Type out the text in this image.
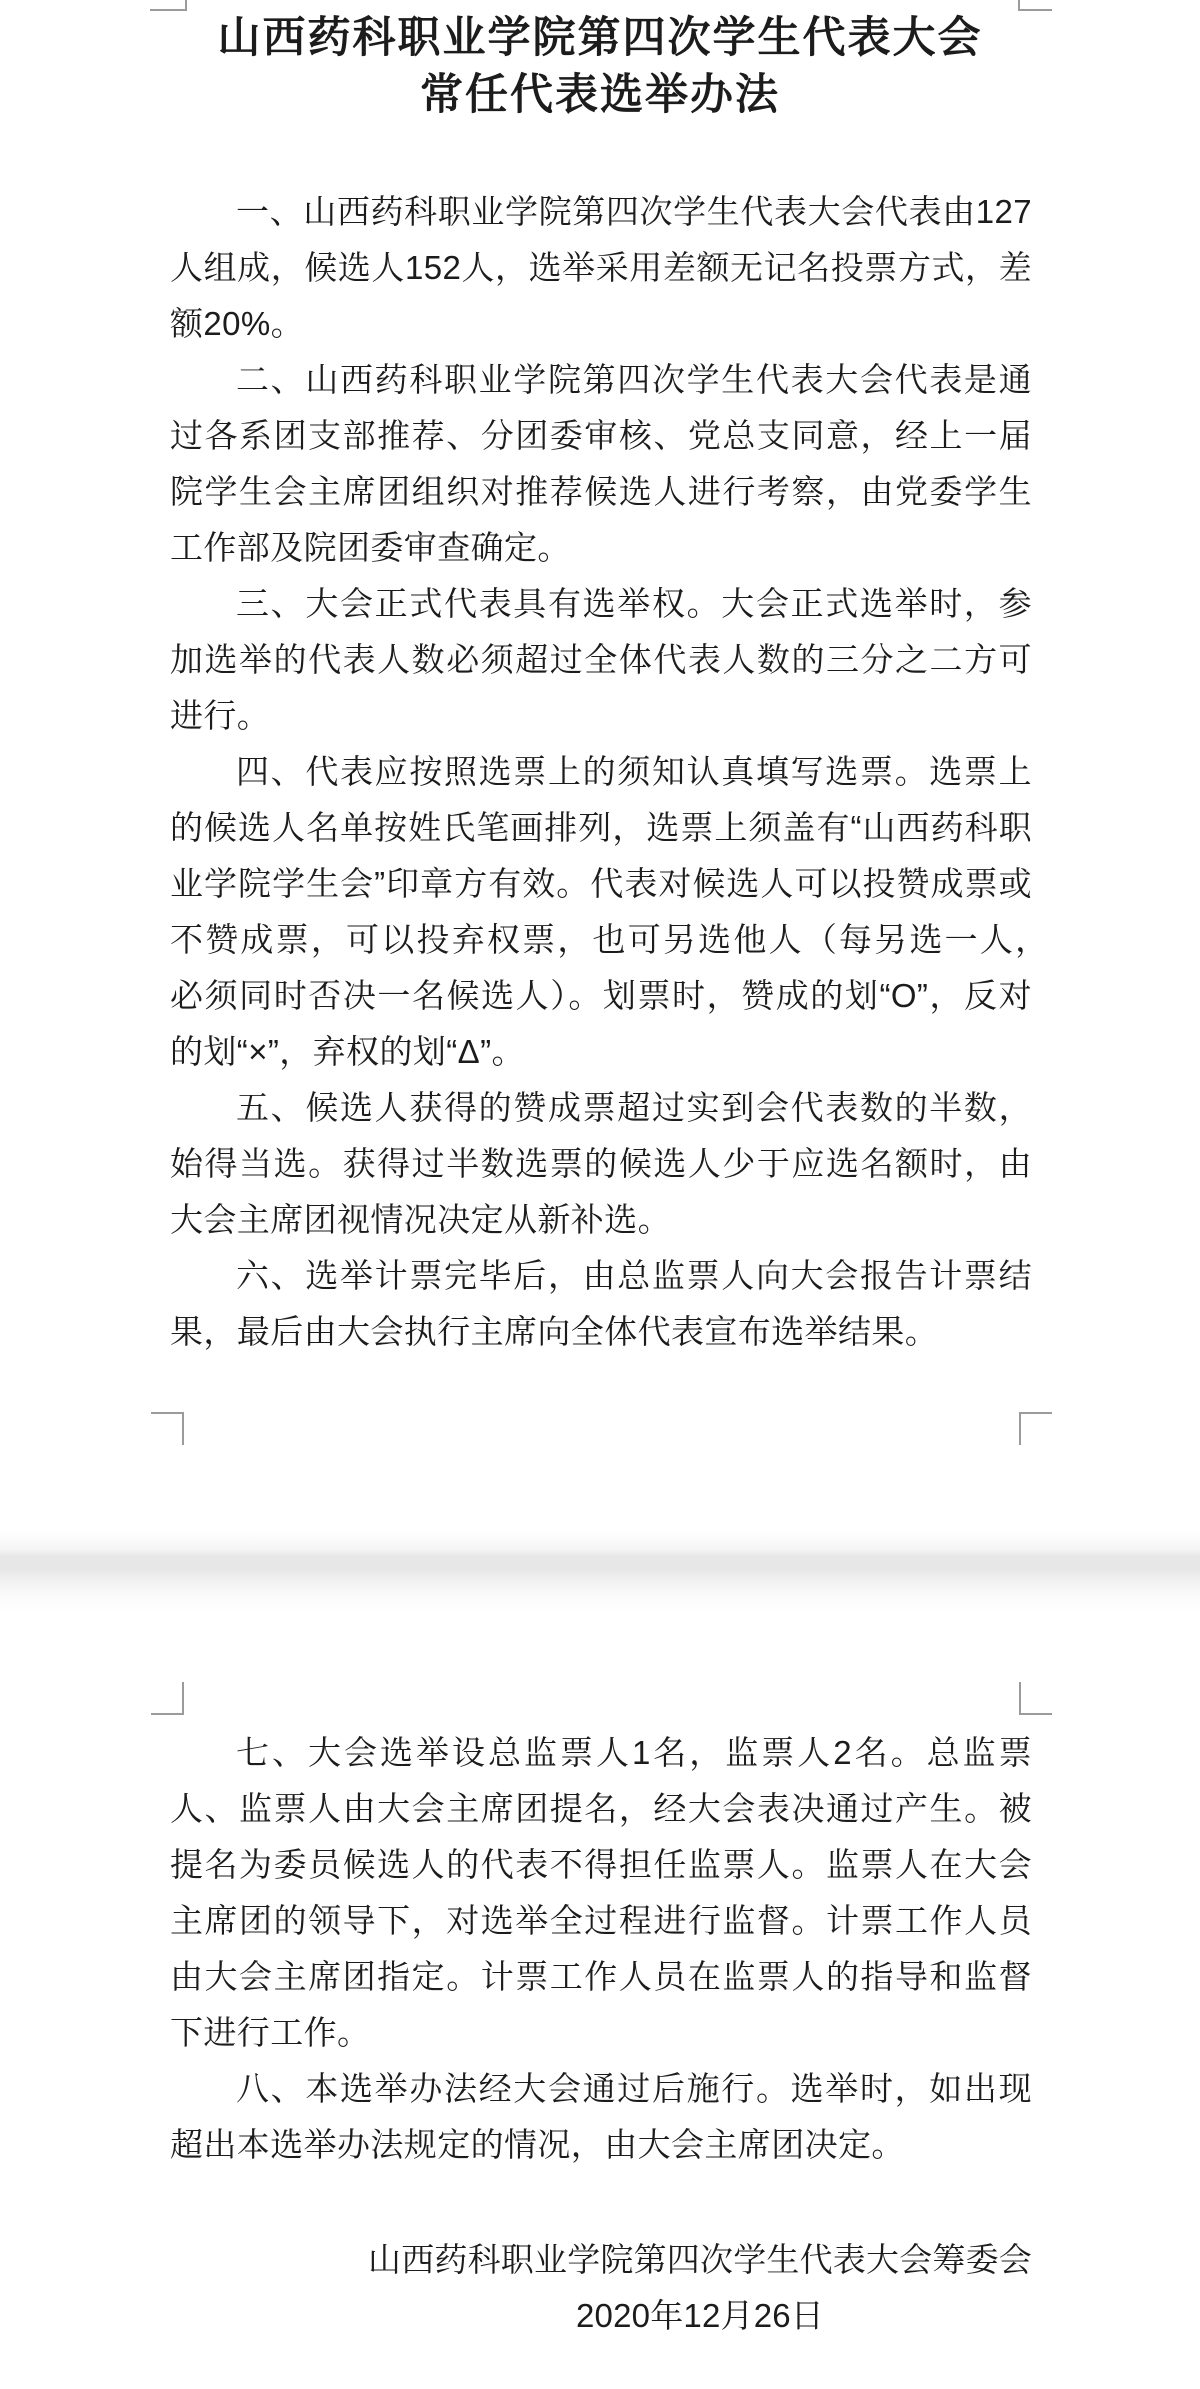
山西药科职业学院第四次学生代表大会
常任代表选举办法

一、山西药科职业学院第四次学生代表大会代表由127人组成，候选人152人，选举采用差额无记名投票方式，差额20%。

二、山西药科职业学院第四次学生代表大会代表是通过各系团支部推荐、分团委审核、党总支同意，经上一届院学生会主席团组织对推荐候选人进行考察，由党委学生工作部及院团委审查确定。

三、大会正式代表具有选举权。大会正式选举时，参加选举的代表人数必须超过全体代表人数的三分之二方可进行。

四、代表应按照选票上的须知认真填写选票。选票上的候选人名单按姓氏笔画排列，选票上须盖有“山西药科职业学院学生会”印章方有效。代表对候选人可以投赞成票或不赞成票，可以投弃权票，也可另选他人（每另选一人，　必须同时否决一名候选人）。划票时，赞成的划“O”，反对的划“×”，弃权的划“Δ”。

五、候选人获得的赞成票超过实到会代表数的半数，始得当选。获得过半数选票的候选人少于应选名额时，由大会主席团视情况决定从新补选。

六、选举计票完毕后，由总监票人向大会报告计票结果，最后由大会执行主席向全体代表宣布选举结果。

七、大会选举设总监票人1名，监票人2名。总监票人、监票人由大会主席团提名，经大会表决通过产生。被提名为委员候选人的代表不得担任监票人。监票人在大会主席团的领导下，对选举全过程进行监督。计票工作人员由大会主席团指定。计票工作人员在监票人的指导和监督下进行工作。

八、本选举办法经大会通过后施行。选举时，如出现超出本选举办法规定的情况，由大会主席团决定。

山西药科职业学院第四次学生代表大会筹委会
2020年12月26日
